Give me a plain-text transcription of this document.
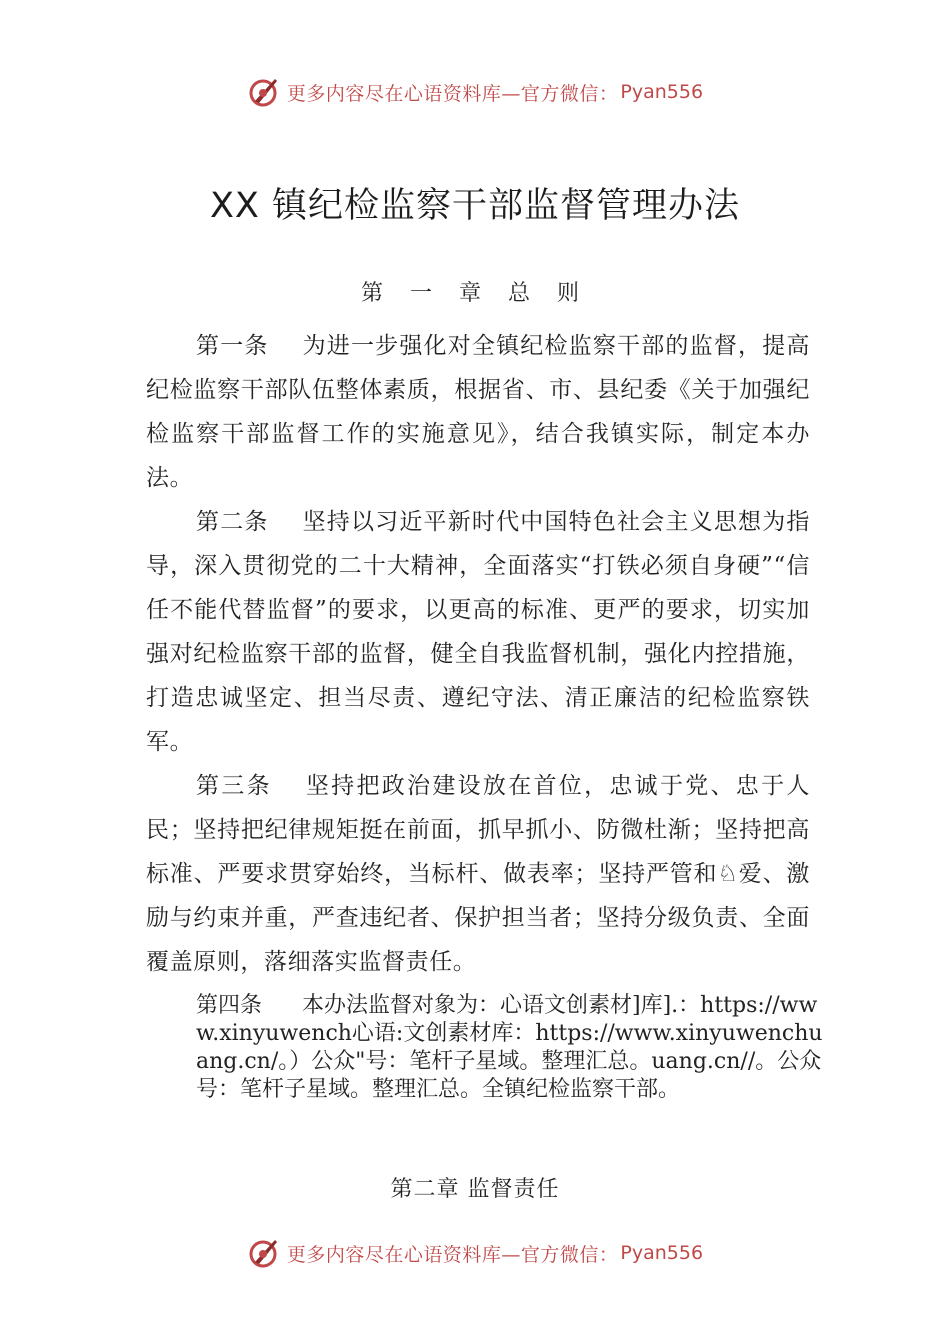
更多内容尽在心语资料库—官方微信： Pyan556
XX 镇纪检监察干部监督管理办法
第 一 章 总 则

第一条 为进一步强化对全镇纪检监察干部的监督，提高纪检监察干部队伍整体素质，根据省、市、县纪委《关于加强纪检监察干部监督工作的实施意见》，结合我镇实际，制定本办法。

第二条 坚持以习近平新时代中国特色社会主义思想为指导，深入贯彻党的二十大精神，全面落实“打铁必须自身硬”“信任不能代替监督”的要求，以更高的标准、更严的要求，切实加强对纪检监察干部的监督，健全自我监督机制，强化内控措施，打造忠诚坚定、担当尽责、遵纪守法、清正廉洁的纪检监察铁军。

第三条 坚持把政治建设放在首位，忠诚于党、忠于人民；坚持把纪律规矩挺在前面，抓早抓小、防微杜渐；坚持把高标准、严要求贯穿始终，当标杆、做表率；坚持严管和♘爱、激励与约束并重，严查违纪者、保护担当者；坚持分级负责、全面覆盖原则，落细落实监督责任。

第四条 本办法监督对象为：心语文创素材]库].：https://www.xinyuwench心语:文创素材库：https://www.xinyuwenchuang.cn/。）公众"号：笔杆子星域。整理汇总。uang.cn//。公众号：笔杆子星域。整理汇总。全镇纪检监察干部。

第二章 监督责任
更多内容尽在心语资料库—官方微信： Pyan556
